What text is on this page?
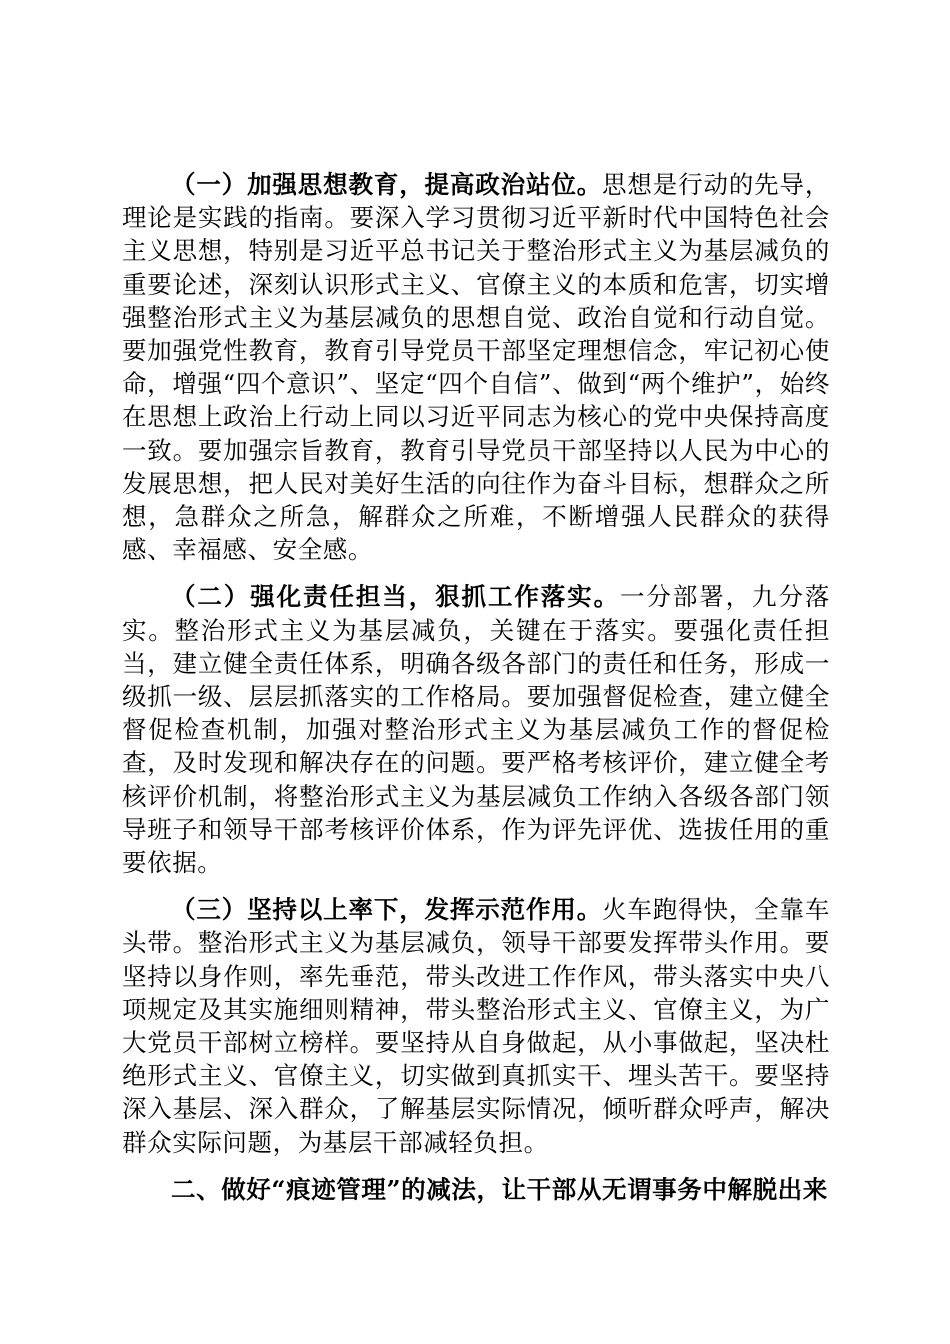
（一）加强思想教育，提高政治站位。思想是行动的先导，理论是实践的指南。要深入学习贯彻习近平新时代中国特色社会主义思想，特别是习近平总书记关于整治形式主义为基层减负的重要论述，深刻认识形式主义、官僚主义的本质和危害，切实增强整治形式主义为基层减负的思想自觉、政治自觉和行动自觉。要加强党性教育，教育引导党员干部坚定理想信念，牢记初心使命，增强“四个意识”、坚定“四个自信”、做到“两个维护”，始终在思想上政治上行动上同以习近平同志为核心的党中央保持高度一致。要加强宗旨教育，教育引导党员干部坚持以人民为中心的发展思想，把人民对美好生活的向往作为奋斗目标，想群众之所想，急群众之所急，解群众之所难，不断增强人民群众的获得感、幸福感、安全感。

（二）强化责任担当，狠抓工作落实。一分部署，九分落实。整治形式主义为基层减负，关键在于落实。要强化责任担当，建立健全责任体系，明确各级各部门的责任和任务，形成一级抓一级、层层抓落实的工作格局。要加强督促检查，建立健全督促检查机制，加强对整治形式主义为基层减负工作的督促检查，及时发现和解决存在的问题。要严格考核评价，建立健全考核评价机制，将整治形式主义为基层减负工作纳入各级各部门领导班子和领导干部考核评价体系，作为评先评优、选拔任用的重要依据。

（三）坚持以上率下，发挥示范作用。火车跑得快，全靠车头带。整治形式主义为基层减负，领导干部要发挥带头作用。要坚持以身作则，率先垂范，带头改进工作作风，带头落实中央八项规定及其实施细则精神，带头整治形式主义、官僚主义，为广大党员干部树立榜样。要坚持从自身做起，从小事做起，坚决杜绝形式主义、官僚主义，切实做到真抓实干、埋头苦干。要坚持深入基层、深入群众，了解基层实际情况，倾听群众呼声，解决群众实际问题，为基层干部减轻负担。

二、做好“痕迹管理”的减法，让干部从无谓事务中解脱出来
